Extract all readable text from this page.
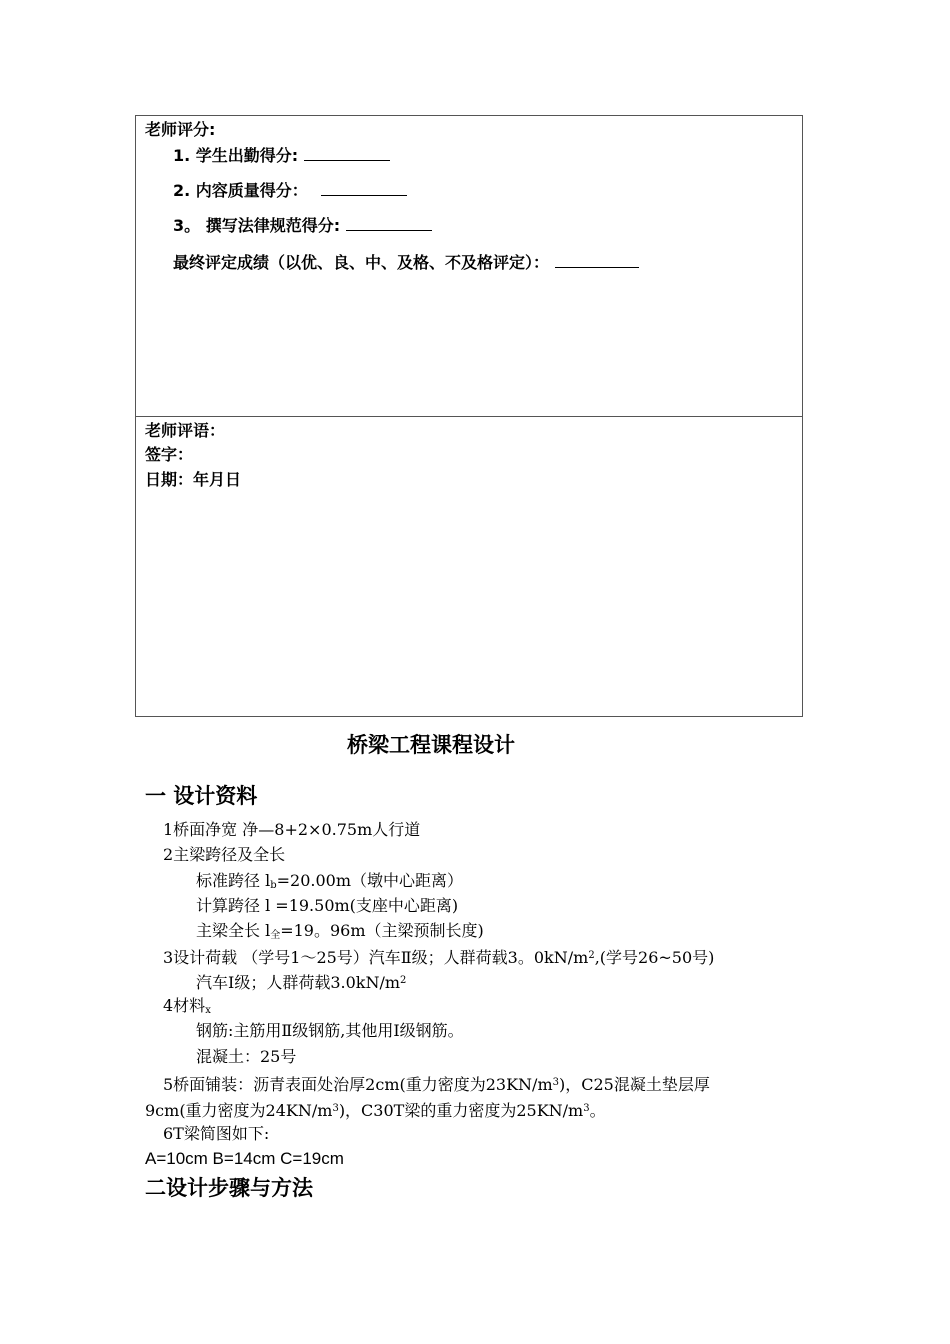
老师评分:
1. 学生出勤得分:
2. 内容质量得分：
3。 撰写法律规范得分:
最终评定成绩（以优、良、中、及格、不及格评定）：
老师评语：
签字：
日期：年月日
桥梁工程课程设计
一 设计资料
1桥面净宽 净—8+2×0.75m人行道
2主梁跨径及全长
标准跨径 $l_b=20.00m$（墩中心距离）
计算跨径 l =19.50m(支座中心距离)
主梁全长 $l_全=19$。96m（主梁预制长度)
3设计荷载 （学号1～25号）汽车Ⅱ级；人群荷载3。$0kN/m^2$,(学号26~50号)
汽车Ⅰ级；人群荷载$3.0kN/m^2$
4材料$_x$
钢筋:主筋用Ⅱ级钢筋,其他用Ⅰ级钢筋。
混凝土：25号
5桥面铺装：沥青表面处治厚2cm(重力密度为$23KN/m^3$)，C25混凝土垫层厚
9cm(重力密度为$24KN/m^3$)，C30T梁的重力密度为$25KN/m^3$。
6T梁简图如下:
A=10cm B=14cm C=19cm
二设计步骤与方法
